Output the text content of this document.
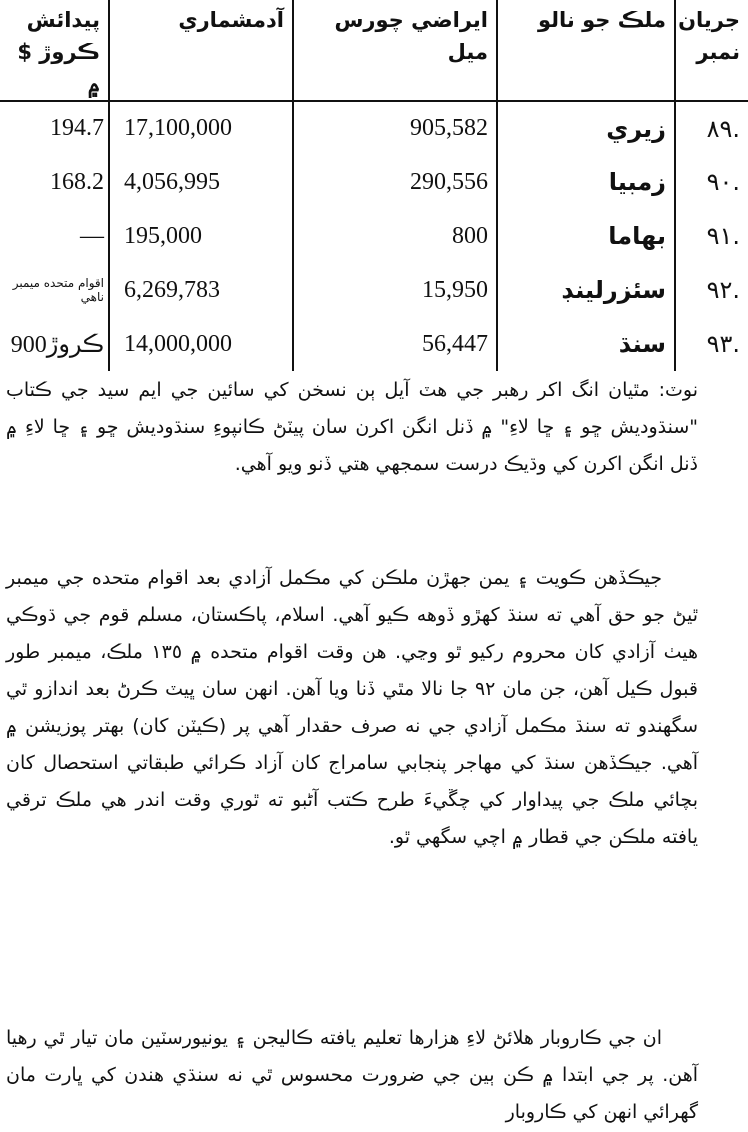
جريان نمبر	ملڪ جو نالو	ايراضي چورس ميل	آدمشماري	پيدائش ڪروڙ $ ۾
.٨٩	زيري	905,582	17,100,000	194.7
.٩٠	زمبيا	290,556	4,056,995	168.2
.٩١	بهاما	800	195,000	—
.٩٢	سئزرلينڊ	15,950	6,269,783	اقوام متحده ميمبر ناهي

.٩٣	سنڌ	56,447	14,000,000	900ڪروڙ

نوٽ: مٿيان انگ اکر رهبر جي هٽ آيل ٻن نسخن کي سائين جي ايم سيد جي ڪتاب "سنڌوديش ڇو ۽ ڇا لاءِ" ۾ ڏنل انگن اکرن سان پيٽڻ ڪانپوءِ سنڌوديش ڇو ۽ ڇا لاءِ ۾ ڏنل انگن اکرن کي وڌيڪ درست سمجهي هتي ڏنو ويو آهي.

جيڪڏهن ڪويت ۽ يمن جهڙن ملڪن کي مڪمل آزادي بعد اقوام متحده جي ميمبر ٿيڻ جو حق آهي ته سنڌ کهڙو ڏوهه ڪيو آهي. اسلام، پاڪستان، مسلم قوم جي ڌوڪي هيٺ آزادي کان محروم رکيو ٿو وڃي. هن وقت اقوام متحده ۾ ١٣٥ ملڪ، ميمبر طور قبول ڪيل آهن، جن مان ٩٢ جا نالا مٿي ڏنا ويا آهن. انهن سان ڀيٽ ڪرڻ بعد اندازو ٿي سگهندو ته سنڌ مڪمل آزادي جي نه صرف حقدار آهي پر (ڪيٽن کان) بهتر پوزيشن ۾ آهي. جيڪڏهن سنڌ کي مهاجر پنجابي سامراج کان آزاد ڪرائي طبقاتي استحصال کان بچائي ملڪ جي پيداوار کي چڱيءَ طرح ڪتب آڻبو ته ٿوري وقت اندر هي ملڪ ترقي يافته ملڪن جي قطار ۾ اچي سگهي ٿو.

ان جي ڪاروبار هلائڻ لاءِ هزارها تعليم يافته ڪاليجن ۽ يونيورسٽين مان تيار ٿي رهيا آهن. پر جي ابتدا ۾ ڪن ٻين جي ضرورت محسوس ٿي نه سنڌي هندن کي ڀارت مان گهرائي انهن کي ڪاروبار
